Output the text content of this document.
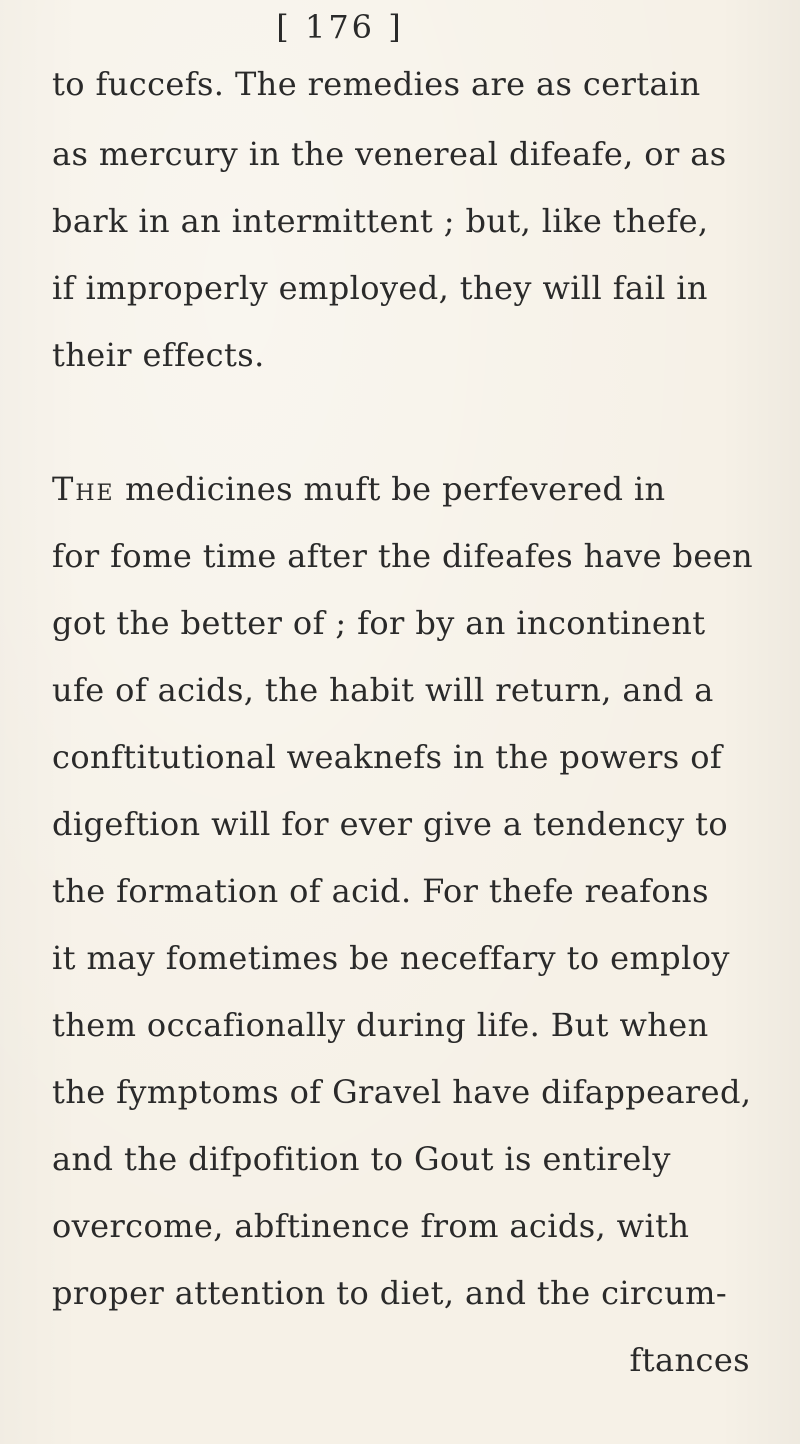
[ 176 ]
to fuccefs. The remedies are as certain
as mercury in the venereal difeafe, or as
bark in an intermittent ; but, like thefe,
if improperly employed, they will fail in
their effects.
The medicines muft be perfevered in
for fome time after the difeafes have been
got the better of ; for by an incontinent
ufe of acids, the habit will return, and a
conftitutional weaknefs in the powers of
digeftion will for ever give a tendency to
the formation of acid. For thefe reafons
it may fometimes be neceffary to employ
them occafionally during life. But when
the fymptoms of Gravel have difappeared,
and the difpofition to Gout is entirely
overcome, abftinence from acids, with
proper attention to diet, and the circum-
ftances
